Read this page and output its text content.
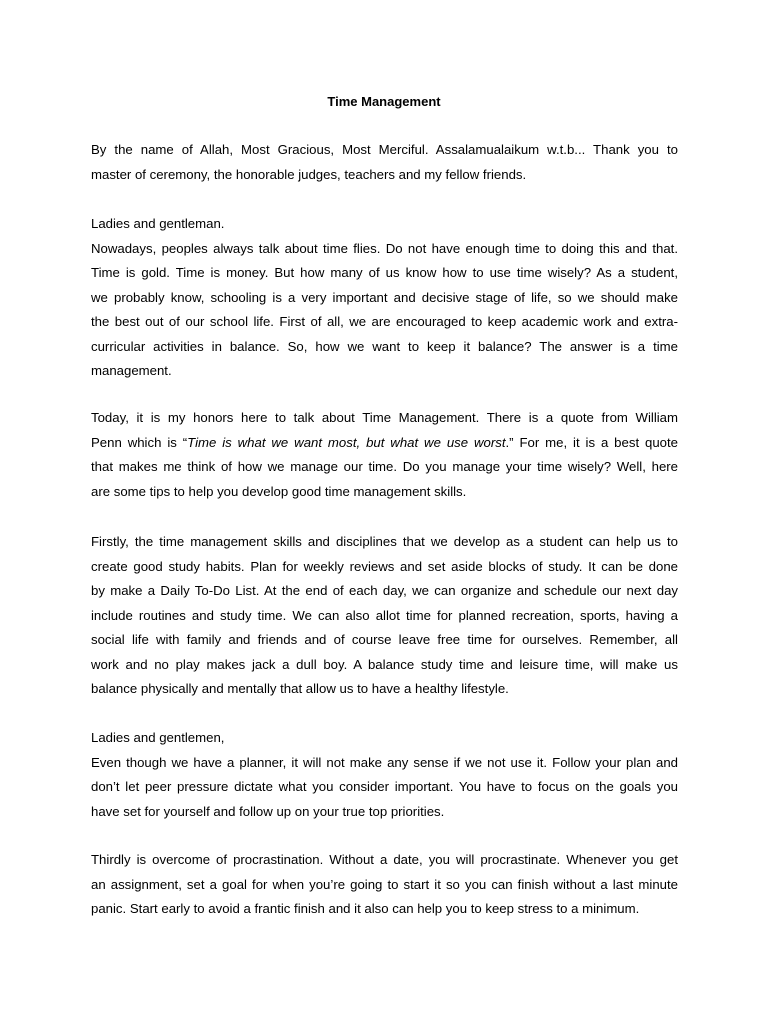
Time Management
By the name of Allah, Most Gracious, Most Merciful. Assalamualaikum w.t.b... Thank you to
master of ceremony, the honorable judges, teachers and my fellow friends.
Ladies and gentleman.
Nowadays, peoples always talk about time flies. Do not have enough time to doing this and that.
Time is gold. Time is money. But how many of us know how to use time wisely? As a student,
we probably know, schooling is a very important and decisive stage of life, so we should make
the best out of our school life. First of all, we are encouraged to keep academic work and extra-
curricular activities in balance. So, how we want to keep it balance? The answer is a time
management.
Today, it is my honors here to talk about Time Management. There is a quote from William
Penn which is “Time is what we want most, but what we use worst.” For me, it is a best quote
that makes me think of how we manage our time. Do you manage your time wisely? Well, here
are some tips to help you develop good time management skills.
Firstly, the time management skills and disciplines that we develop as a student can help us to
create good study habits. Plan for weekly reviews and set aside blocks of study. It can be done
by make a Daily To-Do List. At the end of each day, we can organize and schedule our next day
include routines and study time. We can also allot time for planned recreation, sports, having a
social life with family and friends and of course leave free time for ourselves. Remember, all
work and no play makes jack a dull boy. A balance study time and leisure time, will make us
balance physically and mentally that allow us to have a healthy lifestyle.
Ladies and gentlemen,
Even though we have a planner, it will not make any sense if we not use it. Follow your plan and
don’t let peer pressure dictate what you consider important. You have to focus on the goals you
have set for yourself and follow up on your true top priorities.
Thirdly is overcome of procrastination. Without a date, you will procrastinate. Whenever you get
an assignment, set a goal for when you’re going to start it so you can finish without a last minute
panic. Start early to avoid a frantic finish and it also can help you to keep stress to a minimum.
